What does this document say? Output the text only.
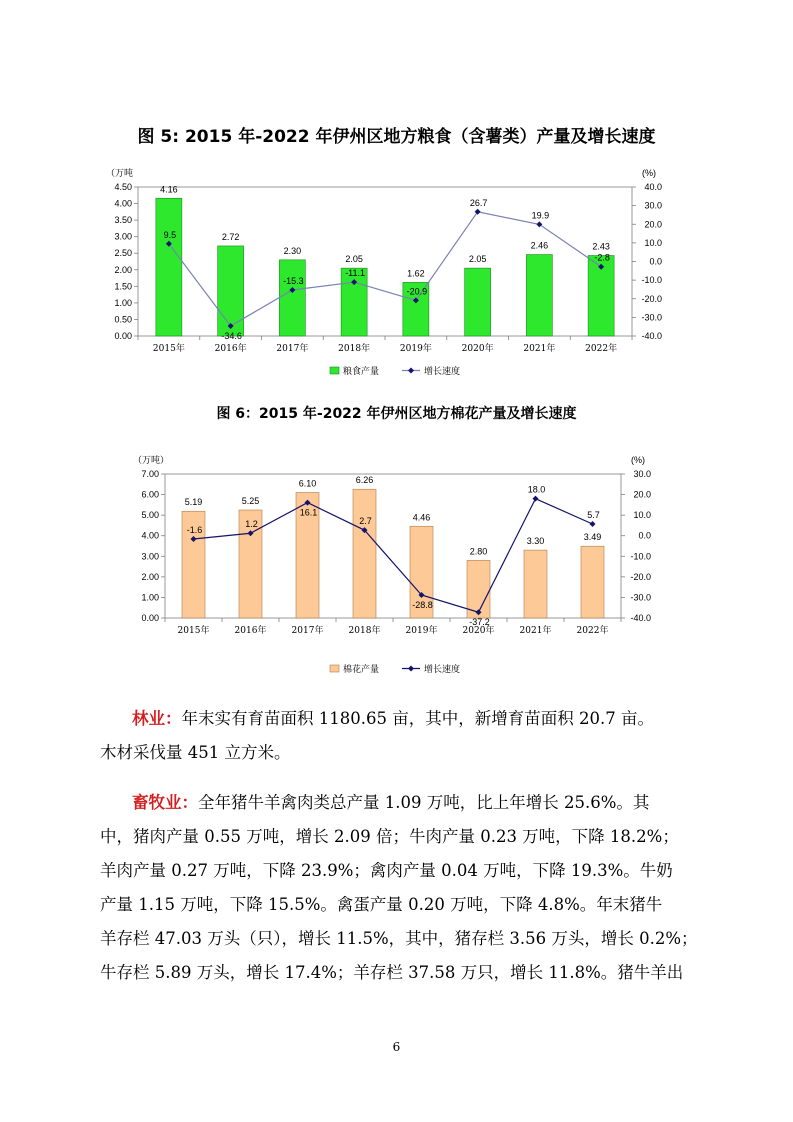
图 5: 2015 年-2022 年伊州区地方粮食（含薯类）产量及增长速度
0.00
0.50
1.00
1.50
2.00
2.50
3.00
3.50
4.00
4.50
（万吨
-40.0
-30.0
-20.0
-10.0
0.0
10.0
20.0
30.0
40.0
(%)
2015年	2016年	2017年	2018年	2019年	2020年	2021年	2022年
4.16
2.72
2.30
2.05
1.62
2.05
2.46	2.43
9.5
-34.6
-15.3
-11.1
-20.9
26.7
19.9
-2.8
粮食产量	增长速度
图 6：2015 年-2022 年伊州区地方棉花产量及增长速度
0.00
1.00
2.00
3.00
4.00
5.00
6.00
7.00
（万吨）
-40.0
-30.0
-20.0
-10.0
0.0
10.0
20.0
30.0
(%)
2015年	2016年	2017年	2018年	2019年	2020年	2021年	2022年
5.19	5.25
6.10	6.26
4.46
2.80
3.30	3.49
-1.6
1.2
16.1
2.7
-28.8
-37.2
18.0
5.7
棉花产量	增长速度
林业：年末实有育苗面积 1180.65 亩，其中，新增育苗面积 20.7 亩。
木材采伐量 451 立方米。
畜牧业：全年猪牛羊禽肉类总产量 1.09 万吨，比上年增长 25.6%。其
中，猪肉产量 0.55 万吨，增长 2.09 倍；牛肉产量 0.23 万吨，下降 18.2%；
羊肉产量 0.27 万吨，下降 23.9%；禽肉产量 0.04 万吨，下降 19.3%。牛奶
产量 1.15 万吨，下降 15.5%。禽蛋产量 0.20 万吨，下降 4.8%。年末猪牛
羊存栏 47.03 万头（只），增长 11.5%，其中，猪存栏 3.56 万头，增长 0.2%；
牛存栏 5.89 万头，增长 17.4%；羊存栏 37.58 万只，增长 11.8%。猪牛羊出
6
